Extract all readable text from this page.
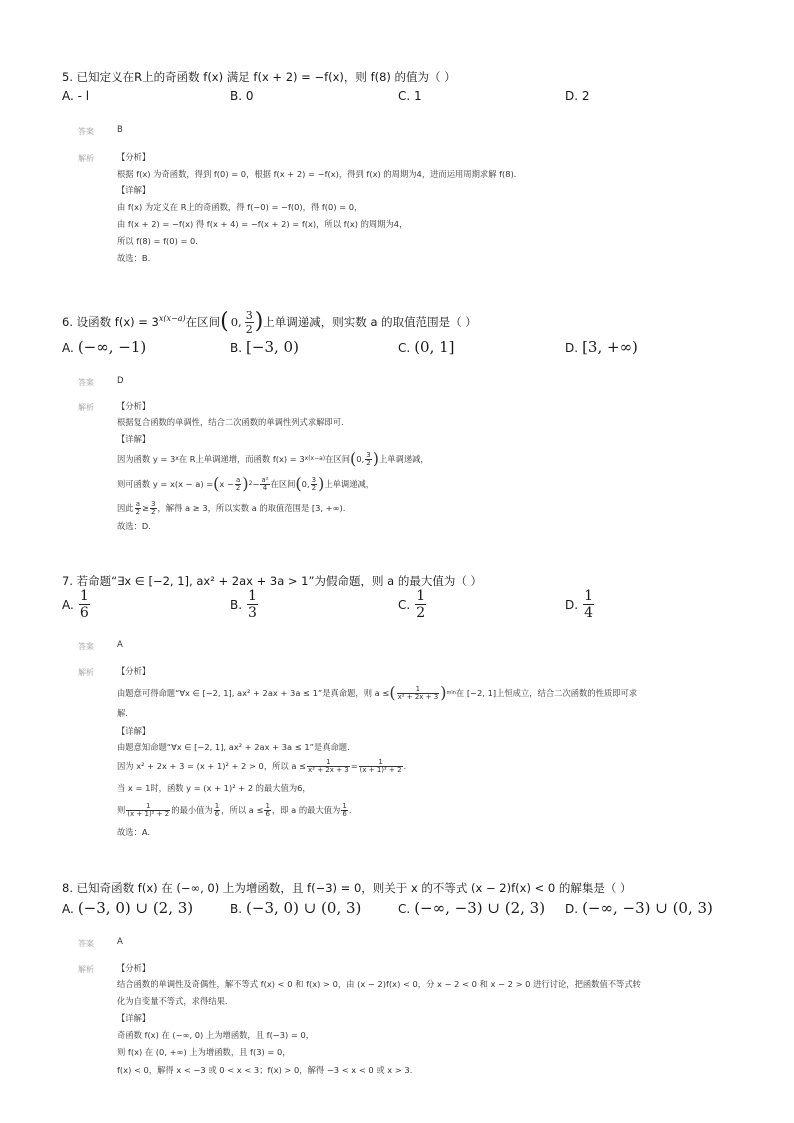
5. 已知定义在R上的奇函数 f(x) 满足 f(x + 2) = −f(x)，则 f(8) 的值为（ ）
A. - l	B. 0	C. 1	D. 2
答案	B
解析	【分析】
根据 f(x) 为奇函数，得到 f(0) = 0，根据 f(x + 2) = −f(x)，得到 f(x) 的周期为4，进而运用周期求解 f(8).
【详解】
由 f(x) 为定义在 R上的奇函数，得 f(−0) = −f(0)，得 f(0) = 0，
由 f(x + 2) = −f(x) 得 f(x + 4) = −f(x + 2) = f(x)，所以 f(x) 的周期为4，
所以 f(8) = f(0) = 0.
故选：B.
6. 设函数 $f(x) = 3^{x(x-a)}$ 在区间 ( 0, $\frac{3}{2}$ ) 上单调递减，则实数 a 的取值范围是（ ）
A. (−∞, −1)	B. [−3, 0)	C. (0, 1]	D. [3, +∞)
答案	D
解析	【分析】
根据复合函数的单调性，结合二次函数的单调性列式求解即可.
【详解】
因为函数 y = 3 x 在 R上单调递增，而函数 f(x) = 3 x(x−a) 在区间 ( 0, $\frac{3}{2}$ ) 上单调递减，
则可函数 y = x(x − a) = ( $x - \frac{a}{2}$ ) $2 - \frac{\text{a²}}{4}$ 在区间 ( 0, $\frac{3}{2}$ ) 上单调递减，
因此 $\frac{a}{2} \ge \frac{3}{2}$ ，解得 a ≥ 3，所以实数 a 的取值范围是 [3, +∞).
故选：D.
7. 若命题“∃x ∈ [−2, 1], ax² + 2ax + 3a > 1”为假命题，则 a 的最大值为（ ）
A. $\frac{1}{6}$	B. $\frac{1}{3}$	C. $\frac{1}{2}$	D. $\frac{1}{4}$
答案	A
解析	【分析】
由题意可得命题“∀x ∈ [−2, 1], ax² + 2ax + 3a ≤ 1”是真命题，则 a ≤ ( $\frac{1}{\text{x² + 2x + 3}}$ ) min 在 [−2, 1]上恒成立，结合二次函数的性质即可求
解.
【详解】
由题意知命题“∀x ∈ [−2, 1], ax² + 2ax + 3a ≤ 1”是真命题.
因为 x² + 2x + 3 = (x + 1)² + 2 > 0，所以 $a \le \frac{1}{\text{x² + 2x + 3}} = \frac{1}{\text{(x + 1)² + 2}}$ .
当 x = 1时，函数 y = (x + 1)² + 2 的最大值为6，
则 $\frac{1}{\text{(x + 1)² + 2}}$ 的最小值为 $\frac{1}{6}$ ，所以 $a \le \frac{1}{6}$ ，即 a 的最大值为 $\frac{1}{6}$ .
故选：A.
8. 已知奇函数 f(x) 在 (−∞, 0) 上为增函数，且 f(−3) = 0，则关于 x 的不等式 (x − 2)f(x) < 0 的解集是（ ）
A. (−3, 0) ∪ (2, 3)	B. (−3, 0) ∪ (0, 3)	C. (−∞, −3) ∪ (2, 3) D. (−∞, −3) ∪ (0, 3)
答案	A
解析	【分析】
结合函数的单调性及奇偶性，解不等式 f(x) < 0 和 f(x) > 0，由 (x − 2)f(x) < 0，分 x − 2 < 0 和 x − 2 > 0 进行讨论，把函数值不等式转
化为自变量不等式，求得结果.
【详解】
奇函数 f(x) 在 (−∞, 0) 上为增函数，且 f(−3) = 0，
则 f(x) 在 (0, +∞) 上为增函数，且 f(3) = 0，
f(x) < 0，解得 x < −3 或 0 < x < 3；f(x) > 0，解得 −3 < x < 0 或 x > 3.
